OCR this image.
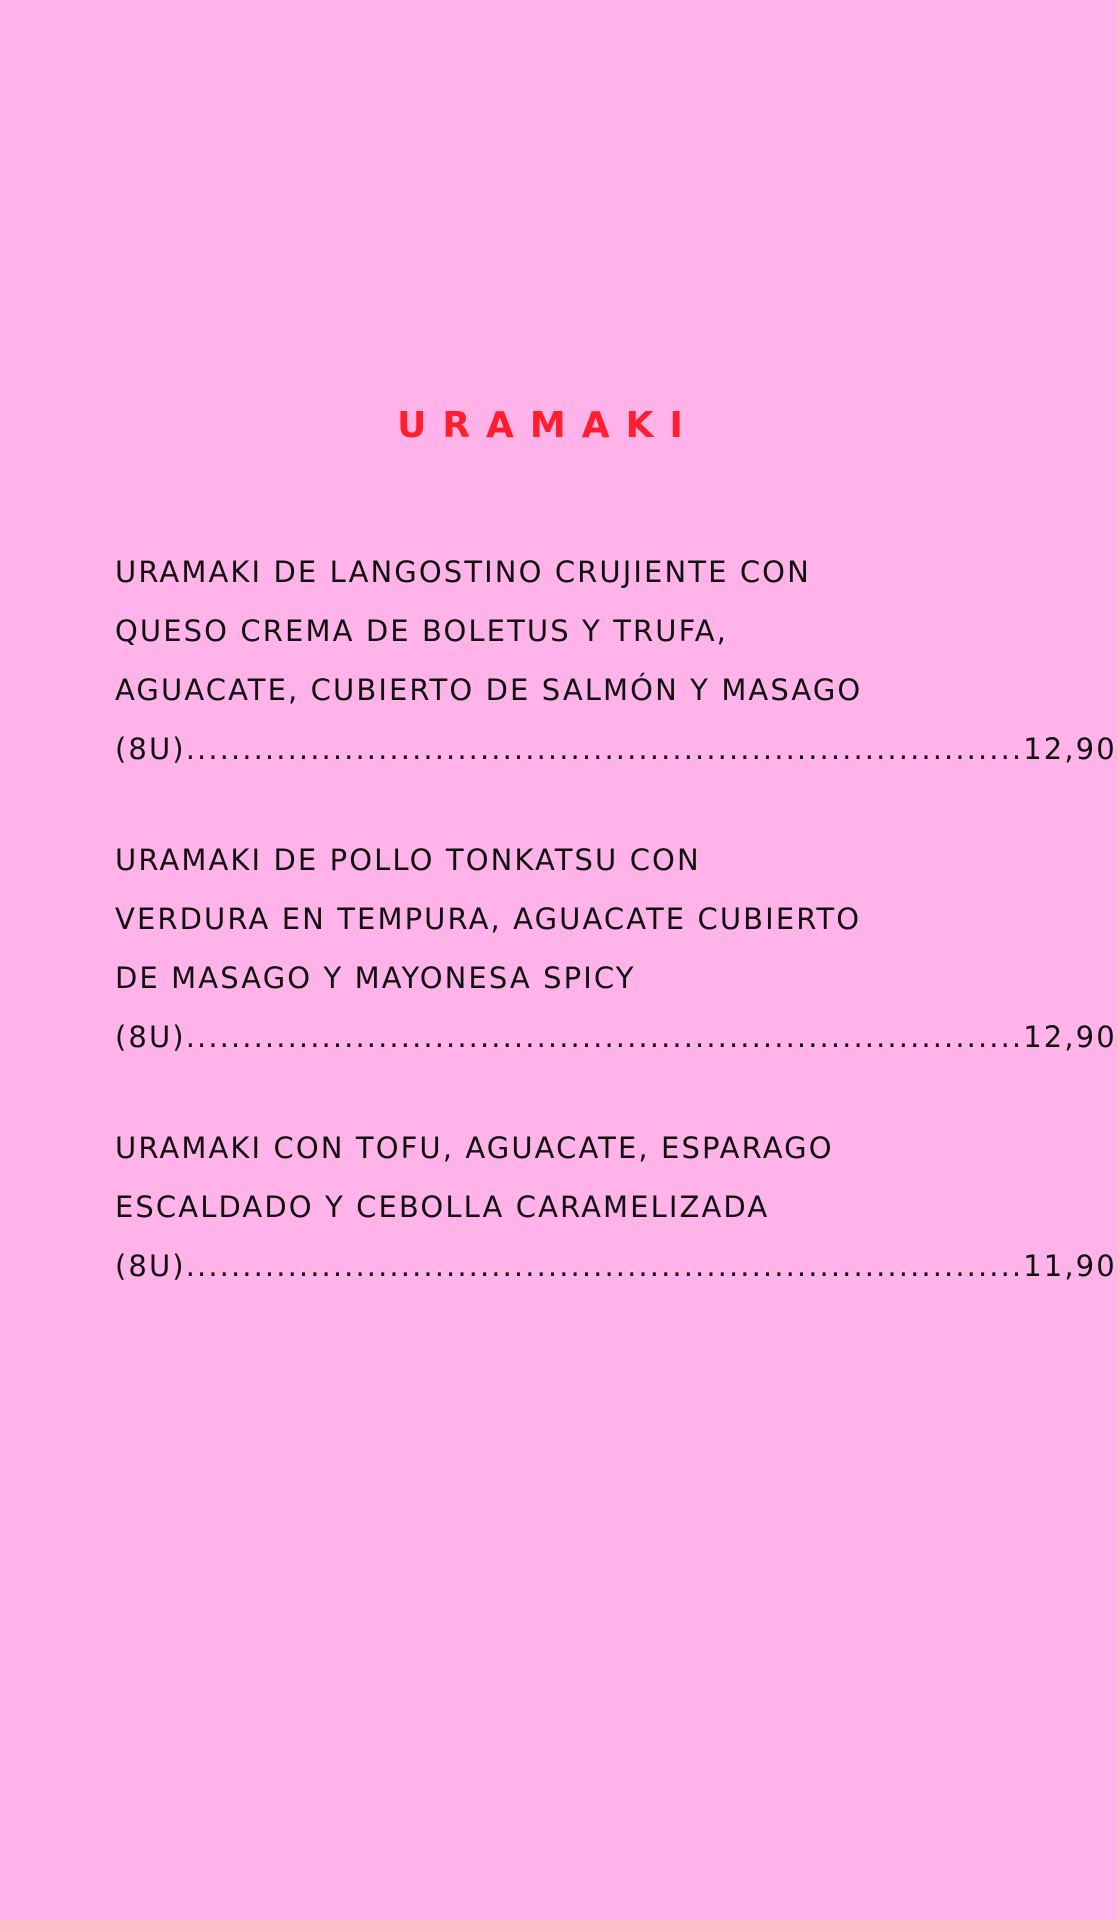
URAMAKI
URAMAKI DE LANGOSTINO CRUJIENTE CON
QUESO CREMA DE BOLETUS Y TRUFA,
AGUACATE, CUBIERTO DE SALMÓN Y MASAGO
(8U)..........................................................................12,90
URAMAKI DE POLLO TONKATSU CON
VERDURA EN TEMPURA, AGUACATE CUBIERTO
DE MASAGO Y MAYONESA SPICY
(8U)..........................................................................12,90
URAMAKI CON TOFU, AGUACATE, ESPARAGO
ESCALDADO Y CEBOLLA CARAMELIZADA
(8U)..........................................................................11,90
